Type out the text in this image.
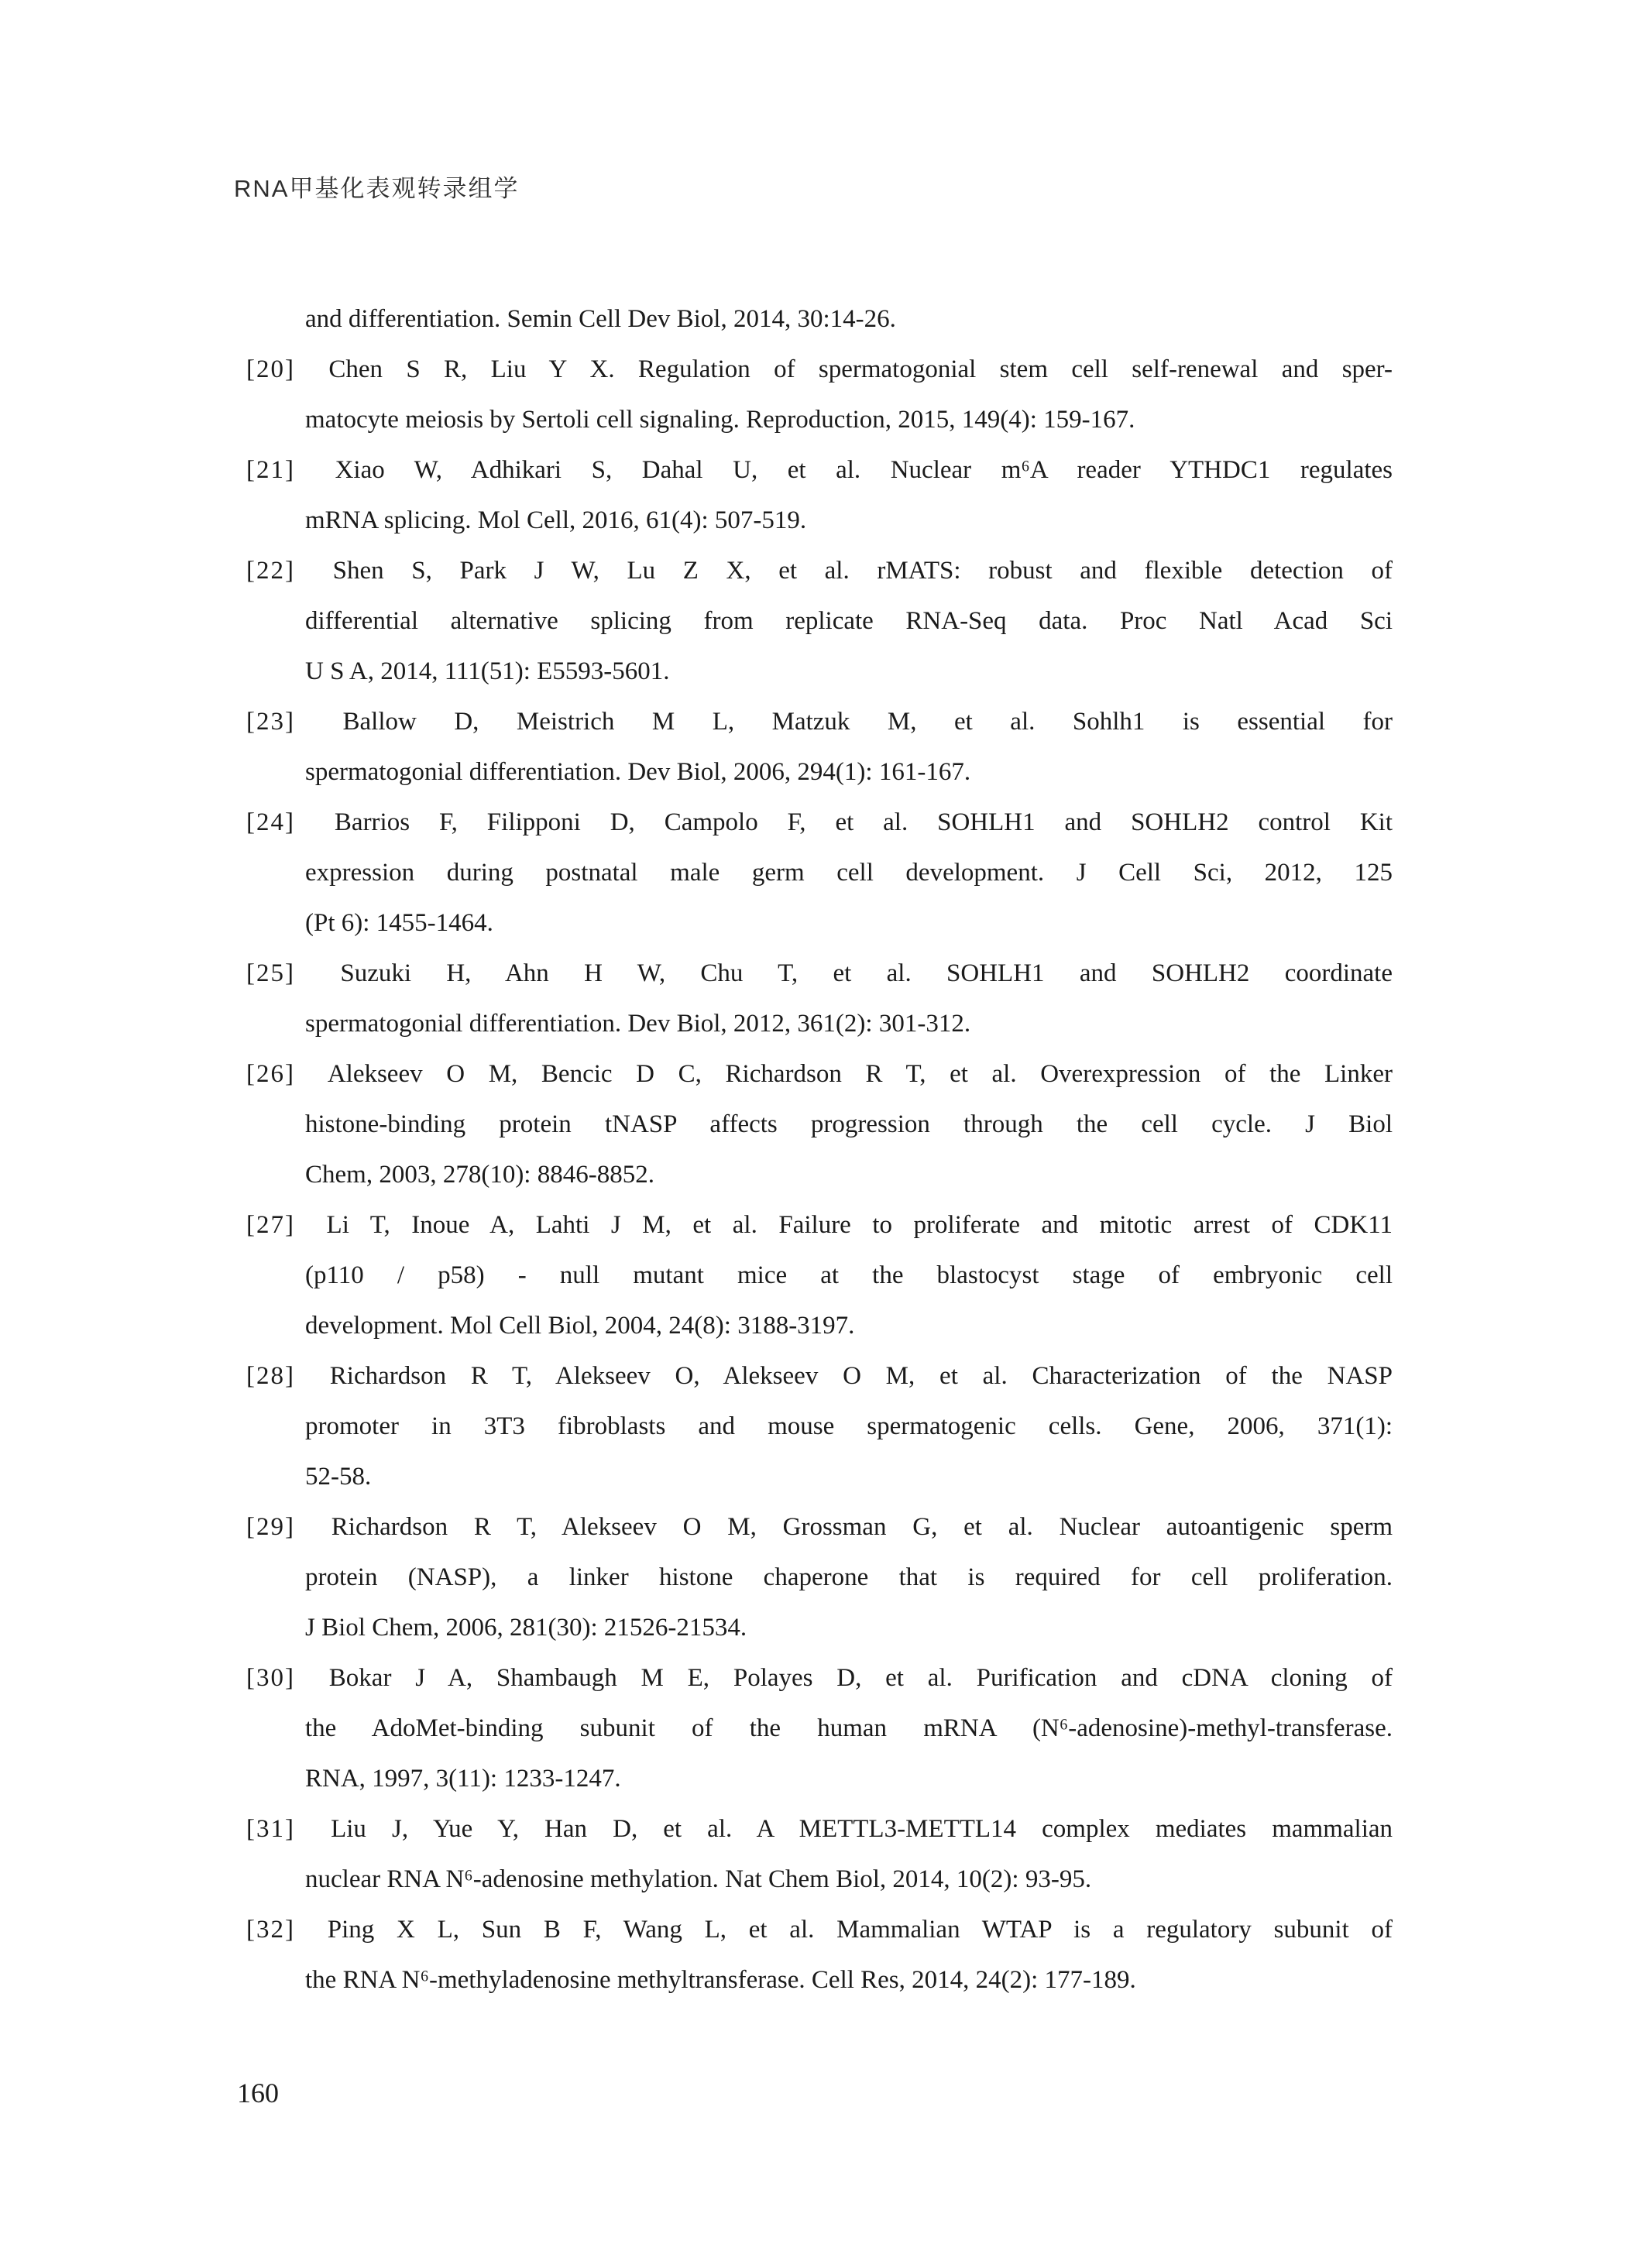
RNA甲基化表观转录组学
and differentiation. Semin Cell Dev Biol, 2014, 30:14-26.
[20] Chen S R, Liu Y X. Regulation of spermatogonial stem cell self-renewal and sper-
matocyte meiosis by Sertoli cell signaling. Reproduction, 2015, 149(4): 159-167.
[21] Xiao W, Adhikari S, Dahal U, et al. Nuclear m⁶A reader YTHDC1 regulates
mRNA splicing. Mol Cell, 2016, 61(4): 507-519.
[22] Shen S, Park J W, Lu Z X, et al. rMATS: robust and flexible detection of
differential alternative splicing from replicate RNA-Seq data. Proc Natl Acad Sci
U S A, 2014, 111(51): E5593-5601.
[23] Ballow D, Meistrich M L, Matzuk M, et al. Sohlh1 is essential for
spermatogonial differentiation. Dev Biol, 2006, 294(1): 161-167.
[24] Barrios F, Filipponi D, Campolo F, et al. SOHLH1 and SOHLH2 control Kit
expression during postnatal male germ cell development. J Cell Sci, 2012, 125
(Pt 6): 1455-1464.
[25] Suzuki H, Ahn H W, Chu T, et al. SOHLH1 and SOHLH2 coordinate
spermatogonial differentiation. Dev Biol, 2012, 361(2): 301-312.
[26] Alekseev O M, Bencic D C, Richardson R T, et al. Overexpression of the Linker
histone-binding protein tNASP affects progression through the cell cycle. J Biol
Chem, 2003, 278(10): 8846-8852.
[27] Li T, Inoue A, Lahti J M, et al. Failure to proliferate and mitotic arrest of CDK11
(p110 / p58) - null mutant mice at the blastocyst stage of embryonic cell
development. Mol Cell Biol, 2004, 24(8): 3188-3197.
[28] Richardson R T, Alekseev O, Alekseev O M, et al. Characterization of the NASP
promoter in 3T3 fibroblasts and mouse spermatogenic cells. Gene, 2006, 371(1):
52-58.
[29] Richardson R T, Alekseev O M, Grossman G, et al. Nuclear autoantigenic sperm
protein (NASP), a linker histone chaperone that is required for cell proliferation.
J Biol Chem, 2006, 281(30): 21526-21534.
[30] Bokar J A, Shambaugh M E, Polayes D, et al. Purification and cDNA cloning of
the AdoMet-binding subunit of the human mRNA (N⁶-adenosine)-methyl-transferase.
RNA, 1997, 3(11): 1233-1247.
[31] Liu J, Yue Y, Han D, et al. A METTL3-METTL14 complex mediates mammalian
nuclear RNA N⁶-adenosine methylation. Nat Chem Biol, 2014, 10(2): 93-95.
[32] Ping X L, Sun B F, Wang L, et al. Mammalian WTAP is a regulatory subunit of
the RNA N⁶-methyladenosine methyltransferase. Cell Res, 2014, 24(2): 177-189.
160
